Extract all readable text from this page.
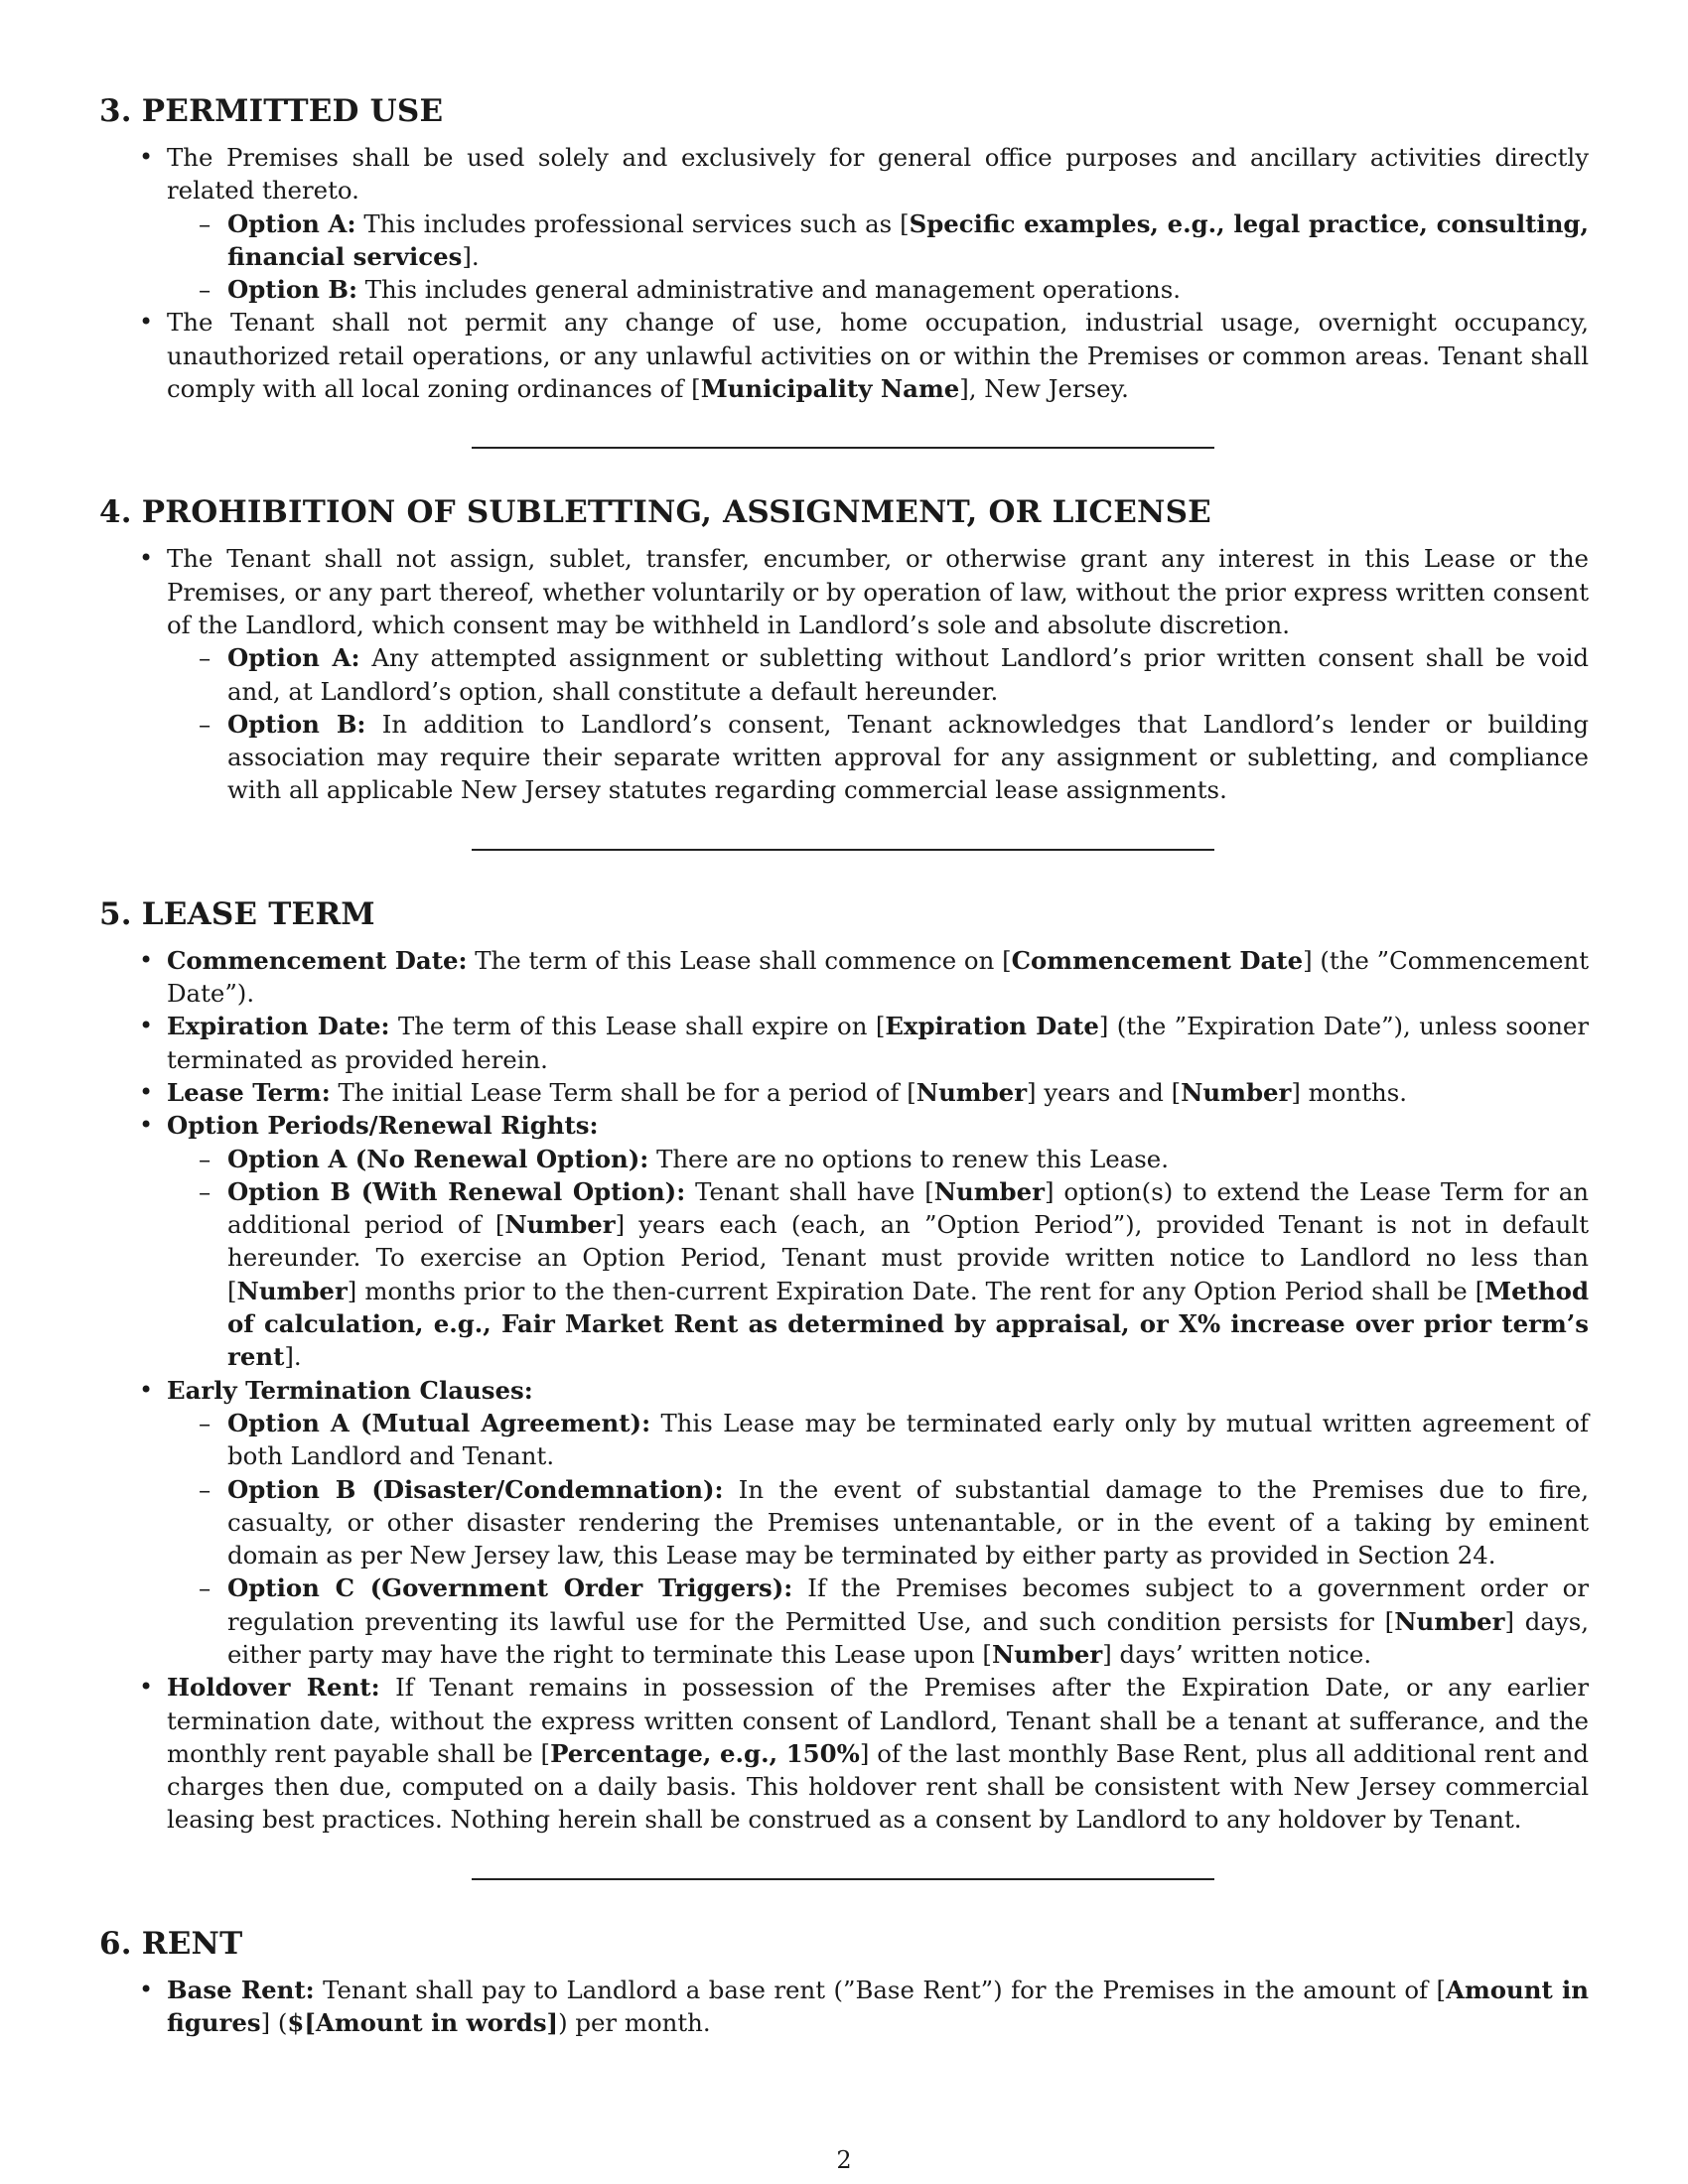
3. PERMITTED USE
• The Premises shall be used solely and exclusively for general office purposes and ancillary activities directly related thereto.
– Option A: This includes professional services such as [Specific examples, e.g., legal practice, consulting, financial services].
– Option B: This includes general administrative and management operations.
• The Tenant shall not permit any change of use, home occupation, industrial usage, overnight occupancy, unauthorized retail operations, or any unlawful activities on or within the Premises or common areas. Tenant shall comply with all local zoning ordinances of [Municipality Name], New Jersey.
4. PROHIBITION OF SUBLETTING, ASSIGNMENT, OR LICENSE
• The Tenant shall not assign, sublet, transfer, encumber, or otherwise grant any interest in this Lease or the Premises, or any part thereof, whether voluntarily or by operation of law, without the prior express written consent of the Landlord, which consent may be withheld in Landlord’s sole and absolute discretion.
– Option A: Any attempted assignment or subletting without Landlord’s prior written consent shall be void and, at Landlord’s option, shall constitute a default hereunder.
– Option B: In addition to Landlord’s consent, Tenant acknowledges that Landlord’s lender or building association may require their separate written approval for any assignment or subletting, and compliance with all applicable New Jersey statutes regarding commercial lease assignments.
5. LEASE TERM
• Commencement Date: The term of this Lease shall commence on [Commencement Date] (the ”Commencement Date”).
• Expiration Date: The term of this Lease shall expire on [Expiration Date] (the ”Expiration Date”), unless sooner terminated as provided herein.
• Lease Term: The initial Lease Term shall be for a period of [Number] years and [Number] months.
• Option Periods/Renewal Rights:
– Option A (No Renewal Option): There are no options to renew this Lease.
– Option B (With Renewal Option): Tenant shall have [Number] option(s) to extend the Lease Term for an additional period of [Number] years each (each, an ”Option Period”), provided Tenant is not in default hereunder. To exercise an Option Period, Tenant must provide written notice to Landlord no less than [Number] months prior to the then-current Expiration Date. The rent for any Option Period shall be [Method of calculation, e.g., Fair Market Rent as determined by appraisal, or X% increase over prior term’s rent].
• Early Termination Clauses:
– Option A (Mutual Agreement): This Lease may be terminated early only by mutual written agreement of both Landlord and Tenant.
– Option B (Disaster/Condemnation): In the event of substantial damage to the Premises due to fire, casualty, or other disaster rendering the Premises untenantable, or in the event of a taking by eminent domain as per New Jersey law, this Lease may be terminated by either party as provided in Section 24.
– Option C (Government Order Triggers): If the Premises becomes subject to a government order or regulation preventing its lawful use for the Permitted Use, and such condition persists for [Number] days, either party may have the right to terminate this Lease upon [Number] days’ written notice.
• Holdover Rent: If Tenant remains in possession of the Premises after the Expiration Date, or any earlier termination date, without the express written consent of Landlord, Tenant shall be a tenant at sufferance, and the monthly rent payable shall be [Percentage, e.g., 150%] of the last monthly Base Rent, plus all additional rent and charges then due, computed on a daily basis. This holdover rent shall be consistent with New Jersey commercial leasing best practices. Nothing herein shall be construed as a consent by Landlord to any holdover by Tenant.
6. RENT
• Base Rent: Tenant shall pay to Landlord a base rent (”Base Rent”) for the Premises in the amount of [Amount in figures] ($[Amount in words]) per month.
2
